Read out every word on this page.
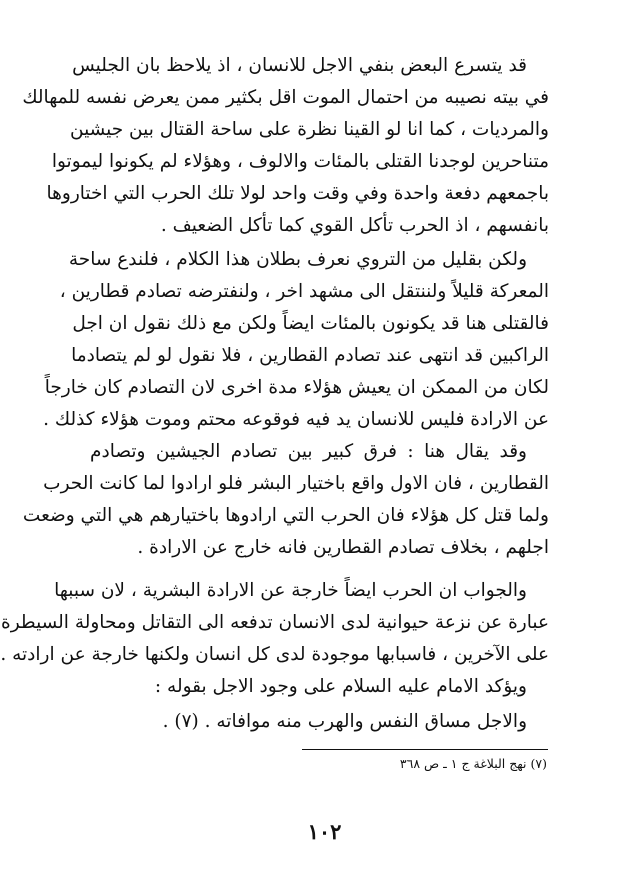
قد يتسرع البعض بنفي الاجل للانسان ، اذ يلاحظ بان الجليس
في بيته نصيبه من احتمال الموت اقل بكثير ممن يعرض نفسه للمهالك
والمرديات ، كما انا لو القينا نظرة على ساحة القتال بين جيشين
متناحرين لوجدنا القتلى بالمئات والالوف ، وهؤلاء لم يكونوا ليموتوا
باجمعهم دفعة واحدة وفي وقت واحد لولا تلك الحرب التي اختاروها
بانفسهم ، اذ الحرب تأكل القوي كما تأكل الضعيف .
ولكن بقليل من التروي نعرف بطلان هذا الكلام ، فلندع ساحة
المعركة قليلاً ولننتقل الى مشهد اخر ، ولنفترضه تصادم قطارين ،
فالقتلى هنا قد يكونون بالمئات ايضاً ولكن مع ذلك نقول ان اجل
الراكبين قد انتهى عند تصادم القطارين ، فلا نقول لو لم يتصادما
لكان من الممكن ان يعيش هؤلاء مدة اخرى لان التصادم كان خارجاً
عن الارادة فليس للانسان يد فيه فوقوعه محتم وموت هؤلاء كذلك .
وقد يقال هنا : فرق كبير بين تصادم الجيشين وتصادم
القطارين ، فان الاول واقع باختيار البشر فلو ارادوا لما كانت الحرب
ولما قتل كل هؤلاء فان الحرب التي ارادوها باختيارهم هي التي وضعت
اجلهم ، بخلاف تصادم القطارين فانه خارج عن الارادة .
والجواب ان الحرب ايضاً خارجة عن الارادة البشرية ، لان سببها
عبارة عن نزعة حيوانية لدى الانسان تدفعه الى التقاتل ومحاولة السيطرة
على الآخرين ، فاسبابها موجودة لدى كل انسان ولكنها خارجة عن ارادته .
ويؤكد الامام عليه السلام على وجود الاجل بقوله :
والاجل مساق النفس والهرب منه موافاته . (٧) .
(٧) نهج البلاغة ج ١ ـ ص ٣٦٨
١٠٢
